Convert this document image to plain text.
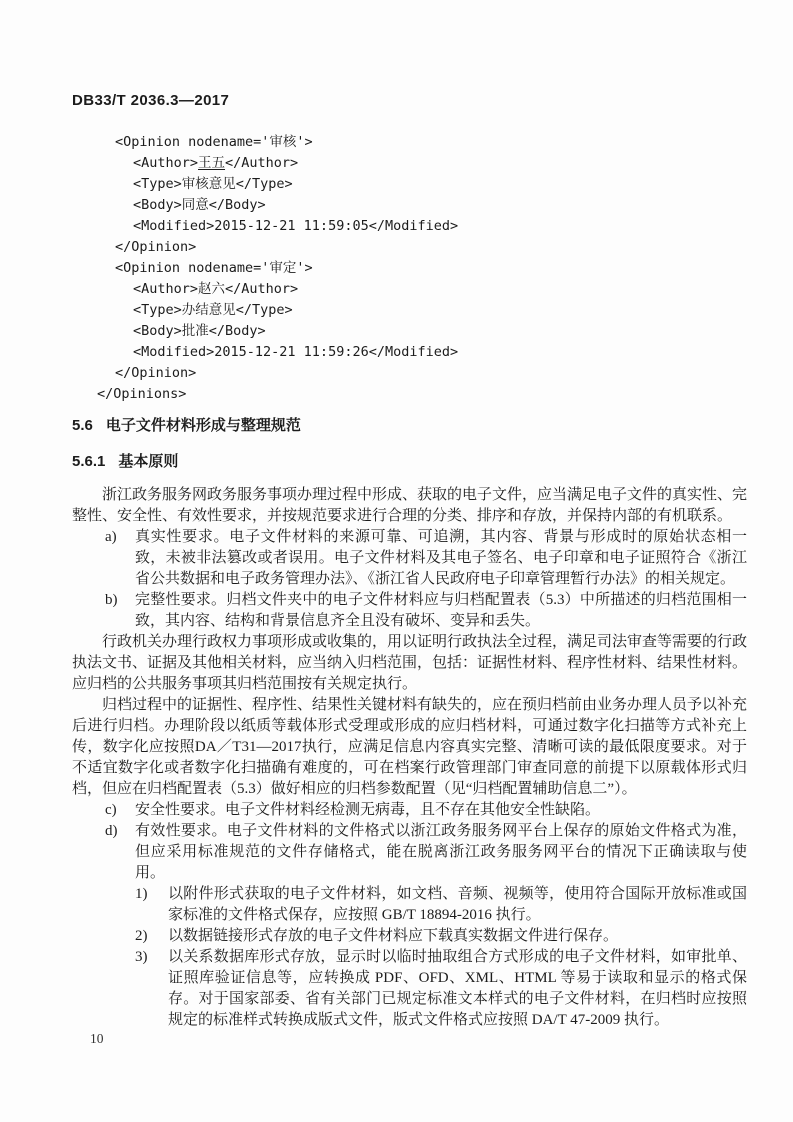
DB33/T 2036.3—2017
<Opinion nodename='审核'>
<Author>王五</Author>
<Type>审核意见</Type>
<Body>同意</Body>
<Modified>2015-12-21 11:59:05</Modified>
</Opinion>
<Opinion nodename='审定'>
<Author>赵六</Author>
<Type>办结意见</Type>
<Body>批准</Body>
<Modified>2015-12-21 11:59:26</Modified>
</Opinion>
</Opinions>
5.6 电子文件材料形成与整理规范
5.6.1 基本原则

浙江政务服务网政务服务事项办理过程中形成、获取的电子文件，应当满足电子文件的真实性、完整性、安全性、有效性要求，并按规范要求进行合理的分类、排序和存放，并保持内部的有机联系。

a) 真实性要求。电子文件材料的来源可靠、可追溯，其内容、背景与形成时的原始状态相一致，未被非法篡改或者误用。电子文件材料及其电子签名、电子印章和电子证照符合《浙江省公共数据和电子政务管理办法》、《浙江省人民政府电子印章管理暂行办法》的相关规定。
b) 完整性要求。归档文件夹中的电子文件材料应与归档配置表（5.3）中所描述的归档范围相一致，其内容、结构和背景信息齐全且没有破坏、变异和丢失。

行政机关办理行政权力事项形成或收集的，用以证明行政执法全过程，满足司法审查等需要的行政执法文书、证据及其他相关材料，应当纳入归档范围，包括：证据性材料、程序性材料、结果性材料。应归档的公共服务事项其归档范围按有关规定执行。

归档过程中的证据性、程序性、结果性关键材料有缺失的，应在预归档前由业务办理人员予以补充后进行归档。办理阶段以纸质等载体形式受理或形成的应归档材料，可通过数字化扫描等方式补充上传，数字化应按照DA／T31—2017执行，应满足信息内容真实完整、清晰可读的最低限度要求。对于不适宜数字化或者数字化扫描确有难度的，可在档案行政管理部门审查同意的前提下以原载体形式归档，但应在归档配置表（5.3）做好相应的归档参数配置（见“归档配置辅助信息二”）。

c) 安全性要求。电子文件材料经检测无病毒，且不存在其他安全性缺陷。
d) 有效性要求。电子文件材料的文件格式以浙江政务服务网平台上保存的原始文件格式为准，但应采用标准规范的文件存储格式，能在脱离浙江政务服务网平台的情况下正确读取与使用。
1) 以附件形式获取的电子文件材料，如文档、音频、视频等，使用符合国际开放标准或国家标准的文件格式保存，应按照 GB/T 18894-2016 执行。
2) 以数据链接形式存放的电子文件材料应下载真实数据文件进行保存。
3) 以关系数据库形式存放，显示时以临时抽取组合方式形成的电子文件材料，如审批单、证照库验证信息等，应转换成 PDF、OFD、XML、HTML 等易于读取和显示的格式保存。对于国家部委、省有关部门已规定标准文本样式的电子文件材料，在归档时应按照规定的标准样式转换成版式文件，版式文件格式应按照 DA/T 47-2009 执行。
10
